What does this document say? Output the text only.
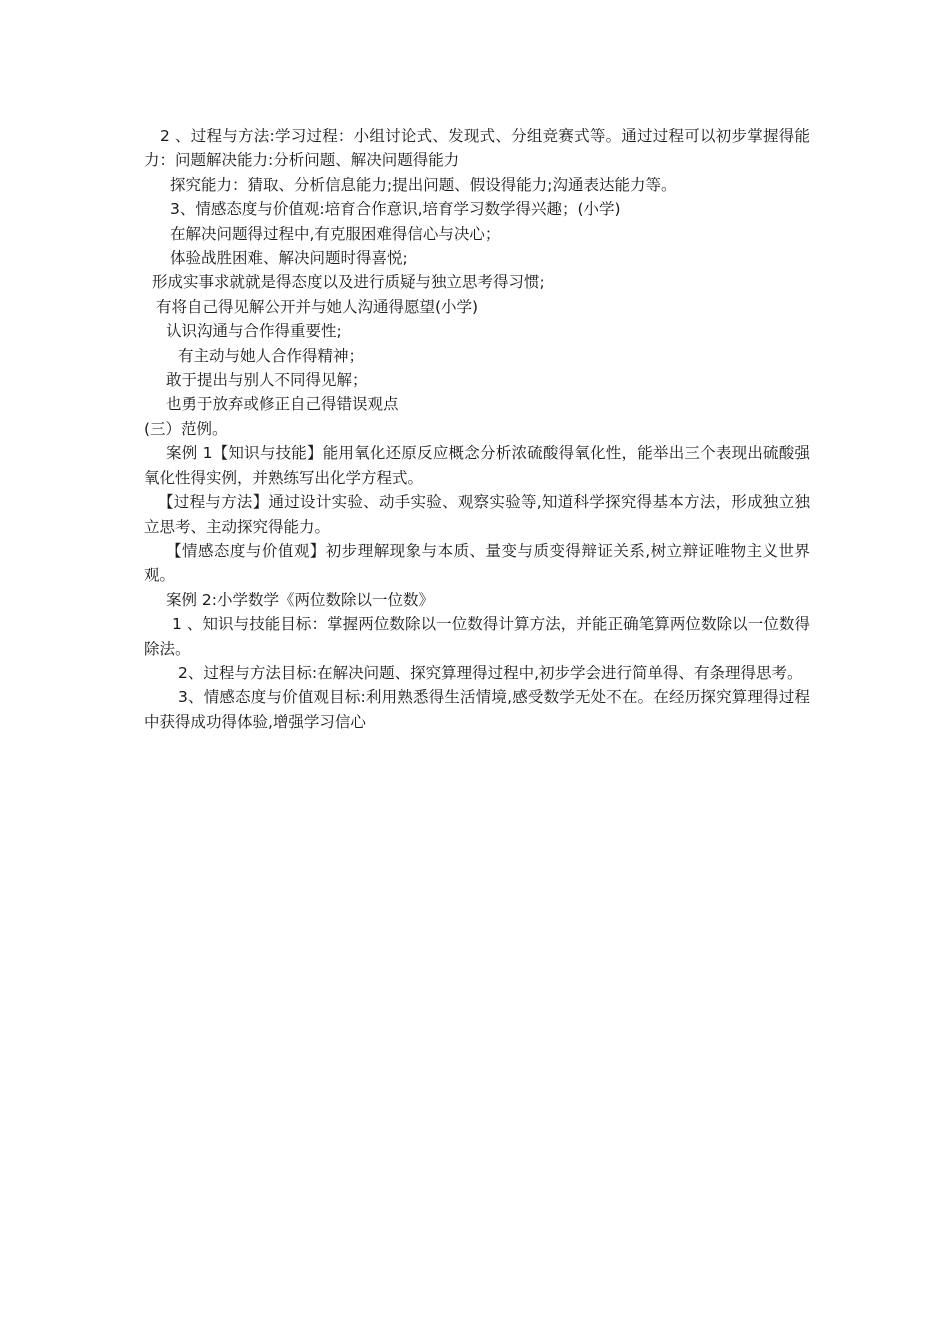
2 、过程与方法:学习过程：小组讨论式、发现式、分组竞赛式等。通过过程可以初步掌握得能力：问题解决能力:分析问题、解决问题得能力

探究能力：猜取、分析信息能力;提出问题、假设得能力;沟通表达能力等。

3、情感态度与价值观:培育合作意识,培育学习数学得兴趣；(小学)

在解决问题得过程中,有克服困难得信心与决心；

体验战胜困难、解决问题时得喜悦;

形成实事求就就是得态度以及进行质疑与独立思考得习惯;

有将自己得见解公开并与她人沟通得愿望(小学)

认识沟通与合作得重要性;

有主动与她人合作得精神；

敢于提出与别人不同得见解；

也勇于放弃或修正自己得错误观点

(三）范例。

案例 1【知识与技能】能用氧化还原反应概念分析浓硫酸得氧化性，能举出三个表现出硫酸强氧化性得实例，并熟练写出化学方程式。

【过程与方法】通过设计实验、动手实验、观察实验等,知道科学探究得基本方法，形成独立独立思考、主动探究得能力。

【情感态度与价值观】初步理解现象与本质、量变与质变得辩证关系,树立辩证唯物主义世界观。

案例 2:小学数学《两位数除以一位数》

1 、知识与技能目标：掌握两位数除以一位数得计算方法，并能正确笔算两位数除以一位数得除法。

2、过程与方法目标:在解决问题、探究算理得过程中,初步学会进行简单得、有条理得思考。

3、情感态度与价值观目标:利用熟悉得生活情境,感受数学无处不在。在经历探究算理得过程中获得成功得体验,增强学习信心
